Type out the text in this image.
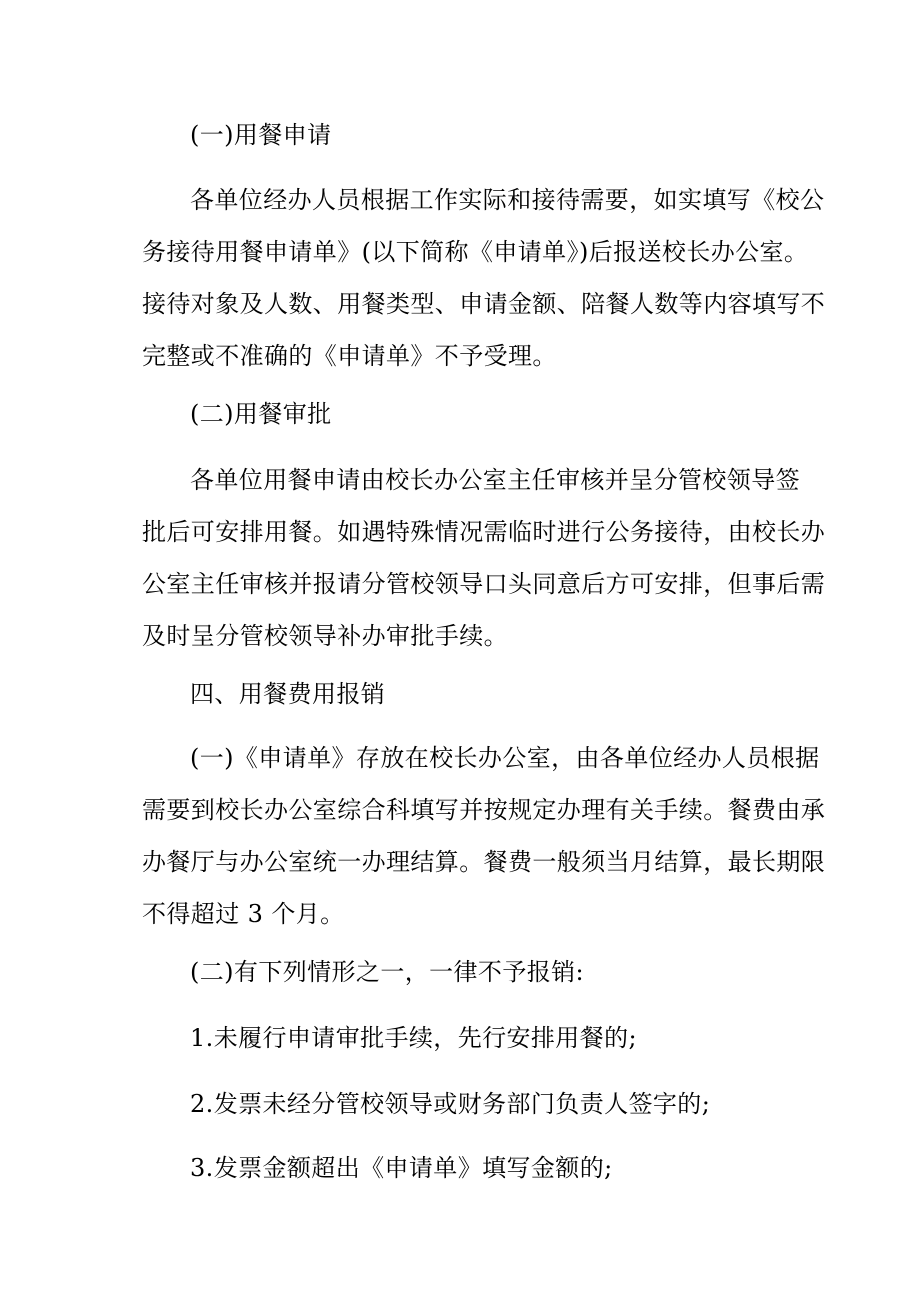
(一)用餐申请
各单位经办人员根据工作实际和接待需要，如实填写《校公
务接待用餐申请单》(以下简称《申请单》)后报送校长办公室。
接待对象及人数、用餐类型、申请金额、陪餐人数等内容填写不
完整或不准确的《申请单》不予受理。
(二)用餐审批
各单位用餐申请由校长办公室主任审核并呈分管校领导签
批后可安排用餐。如遇特殊情况需临时进行公务接待，由校长办
公室主任审核并报请分管校领导口头同意后方可安排，但事后需
及时呈分管校领导补办审批手续。
四、用餐费用报销
(一)《申请单》存放在校长办公室，由各单位经办人员根据
需要到校长办公室综合科填写并按规定办理有关手续。餐费由承
办餐厅与办公室统一办理结算。餐费一般须当月结算，最长期限
不得超过 3 个月。
(二)有下列情形之一，一律不予报销:
1.未履行申请审批手续，先行安排用餐的;
2.发票未经分管校领导或财务部门负责人签字的;
3.发票金额超出《申请单》填写金额的;
